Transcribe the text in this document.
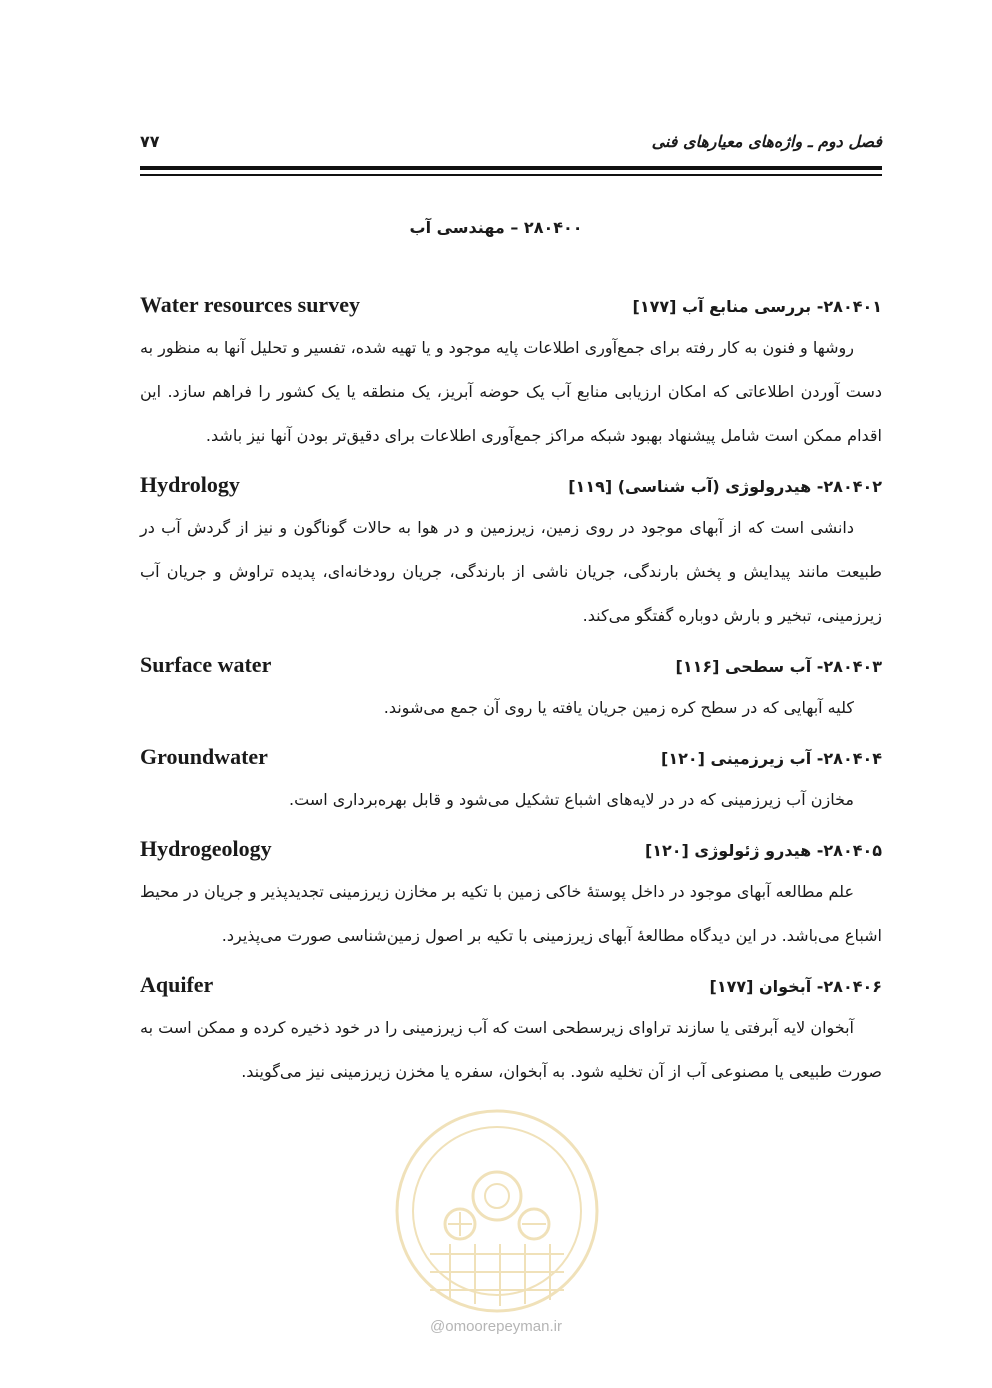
فصل دوم ـ واژه‌های معیارهای فنی
۷۷
۲۸۰۴۰۰ – مهندسی آب
Water resources survey	۲۸۰۴۰۱- بررسی منابع آب [۱۷۷]

روشها و فنون به کار رفته برای جمع‌آوری اطلاعات پایه موجود و یا تهیه شده، تفسیر و تحلیل آنها به منظور به دست آوردن اطلاعاتی که امکان ارزیابی منابع آب یک حوضه آبریز، یک منطقه یا یک کشور را فراهم سازد. این اقدام ممکن است شامل پیشنهاد بهبود شبکه مراکز جمع‌آوری اطلاعات برای دقیق‌تر بودن آنها نیز باشد.

Hydrology	۲۸۰۴۰۲- هیدرولوژی (آب شناسی) [۱۱۹]

دانشی است که از آبهای موجود در روی زمین، زیرزمین و در هوا به حالات گوناگون و نیز از گردش آب در طبیعت مانند پیدایش و پخش بارندگی، جریان ناشی از بارندگی، جریان رودخانه‌ای، پدیده تراوش و جریان آب زیرزمینی، تبخیر و بارش دوباره گفتگو می‌کند.

Surface water	۲۸۰۴۰۳- آب سطحی [۱۱۶]

کلیه آبهایی که در سطح کره زمین جریان یافته یا روی آن جمع می‌شوند.

Groundwater	۲۸۰۴۰۴- آب زیرزمینی [۱۲۰]

مخازن آب زیرزمینی که در در لایه‌های اشباع تشکیل می‌شود و قابل بهره‌برداری است.

Hydrogeology	۲۸۰۴۰۵- هیدرو ژئولوژی [۱۲۰]

علم مطالعه آبهای موجود در داخل پوستهٔ خاکی زمین با تکیه بر مخازن زیرزمینی تجدیدپذیر و جریان در محیط اشباع می‌باشد. در این دیدگاه مطالعهٔ آبهای زیرزمینی با تکیه بر اصول زمین‌شناسی صورت می‌پذیرد.

Aquifer	۲۸۰۴۰۶- آبخوان [۱۷۷]

آبخوان لایه آبرفتی یا سازند تراوای زیرسطحی است که آب زیرزمینی را در خود ذخیره کرده و ممکن است به صورت طبیعی یا مصنوعی آب از آن تخلیه شود. به آبخوان، سفره یا مخزن زیرزمینی نیز می‌گویند.

@omoorepeyman.ir
